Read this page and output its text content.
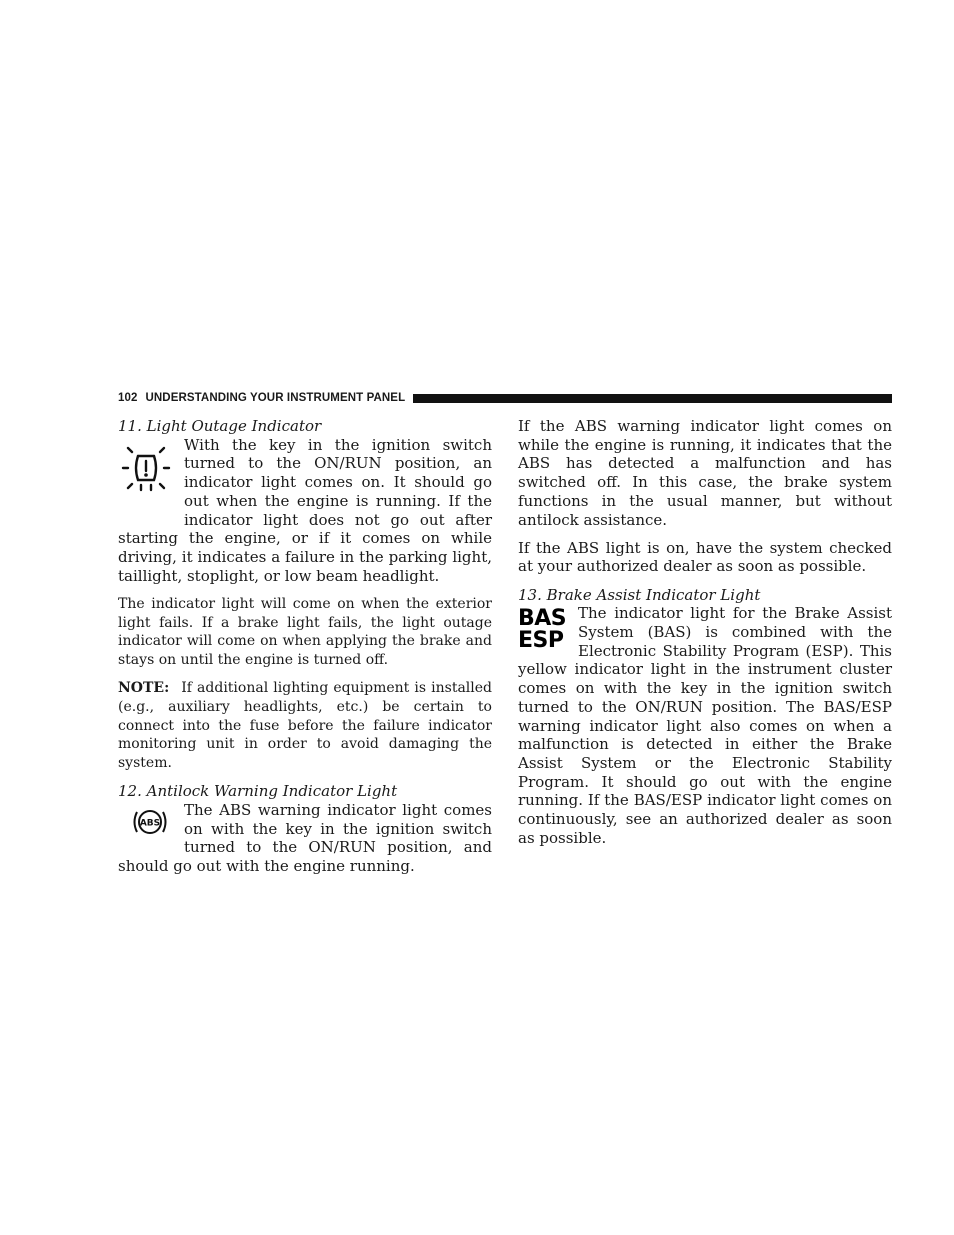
102 UNDERSTANDING YOUR INSTRUMENT PANEL
11. Light Outage Indicator

With the key in the ignition switch turned to the ON/RUN position, an indicator light comes on. It should go out when the engine is running. If the indicator light does not go out after starting the engine, or if it comes on while driving, it indicates a failure in the parking light, taillight, stoplight, or low beam headlight.

The indicator light will come on when the exterior light fails. If a brake light fails, the light outage indicator will come on when applying the brake and stays on until the engine is turned off.

NOTE: If additional lighting equipment is installed (e.g., auxiliary headlights, etc.) be certain to connect into the fuse before the failure indicator monitoring unit in order to avoid damaging the system.

12. Antilock Warning Indicator Light
ABS

The ABS warning indicator light comes on with the key in the ignition switch turned to the ON/RUN position, and should go out with the engine running.

If the ABS warning indicator light comes on while the engine is running, it indicates that the ABS has detected a malfunction and has switched off. In this case, the brake system functions in the usual manner, but without antilock assistance.

If the ABS light is on, have the system checked at your authorized dealer as soon as possible.

13. Brake Assist Indicator Light
BAS
ESP

The indicator light for the Brake Assist System (BAS) is combined with the Electronic Stability Program (ESP). This yellow indicator light in the instrument cluster comes on with the key in the ignition switch turned to the ON/RUN position. The BAS/ESP warning indicator light also comes on when a malfunction is detected in either the Brake Assist System or the Electronic Stability Program. It should go out with the engine running. If the BAS/ESP indicator light comes on continuously, see an authorized dealer as soon as possible.
